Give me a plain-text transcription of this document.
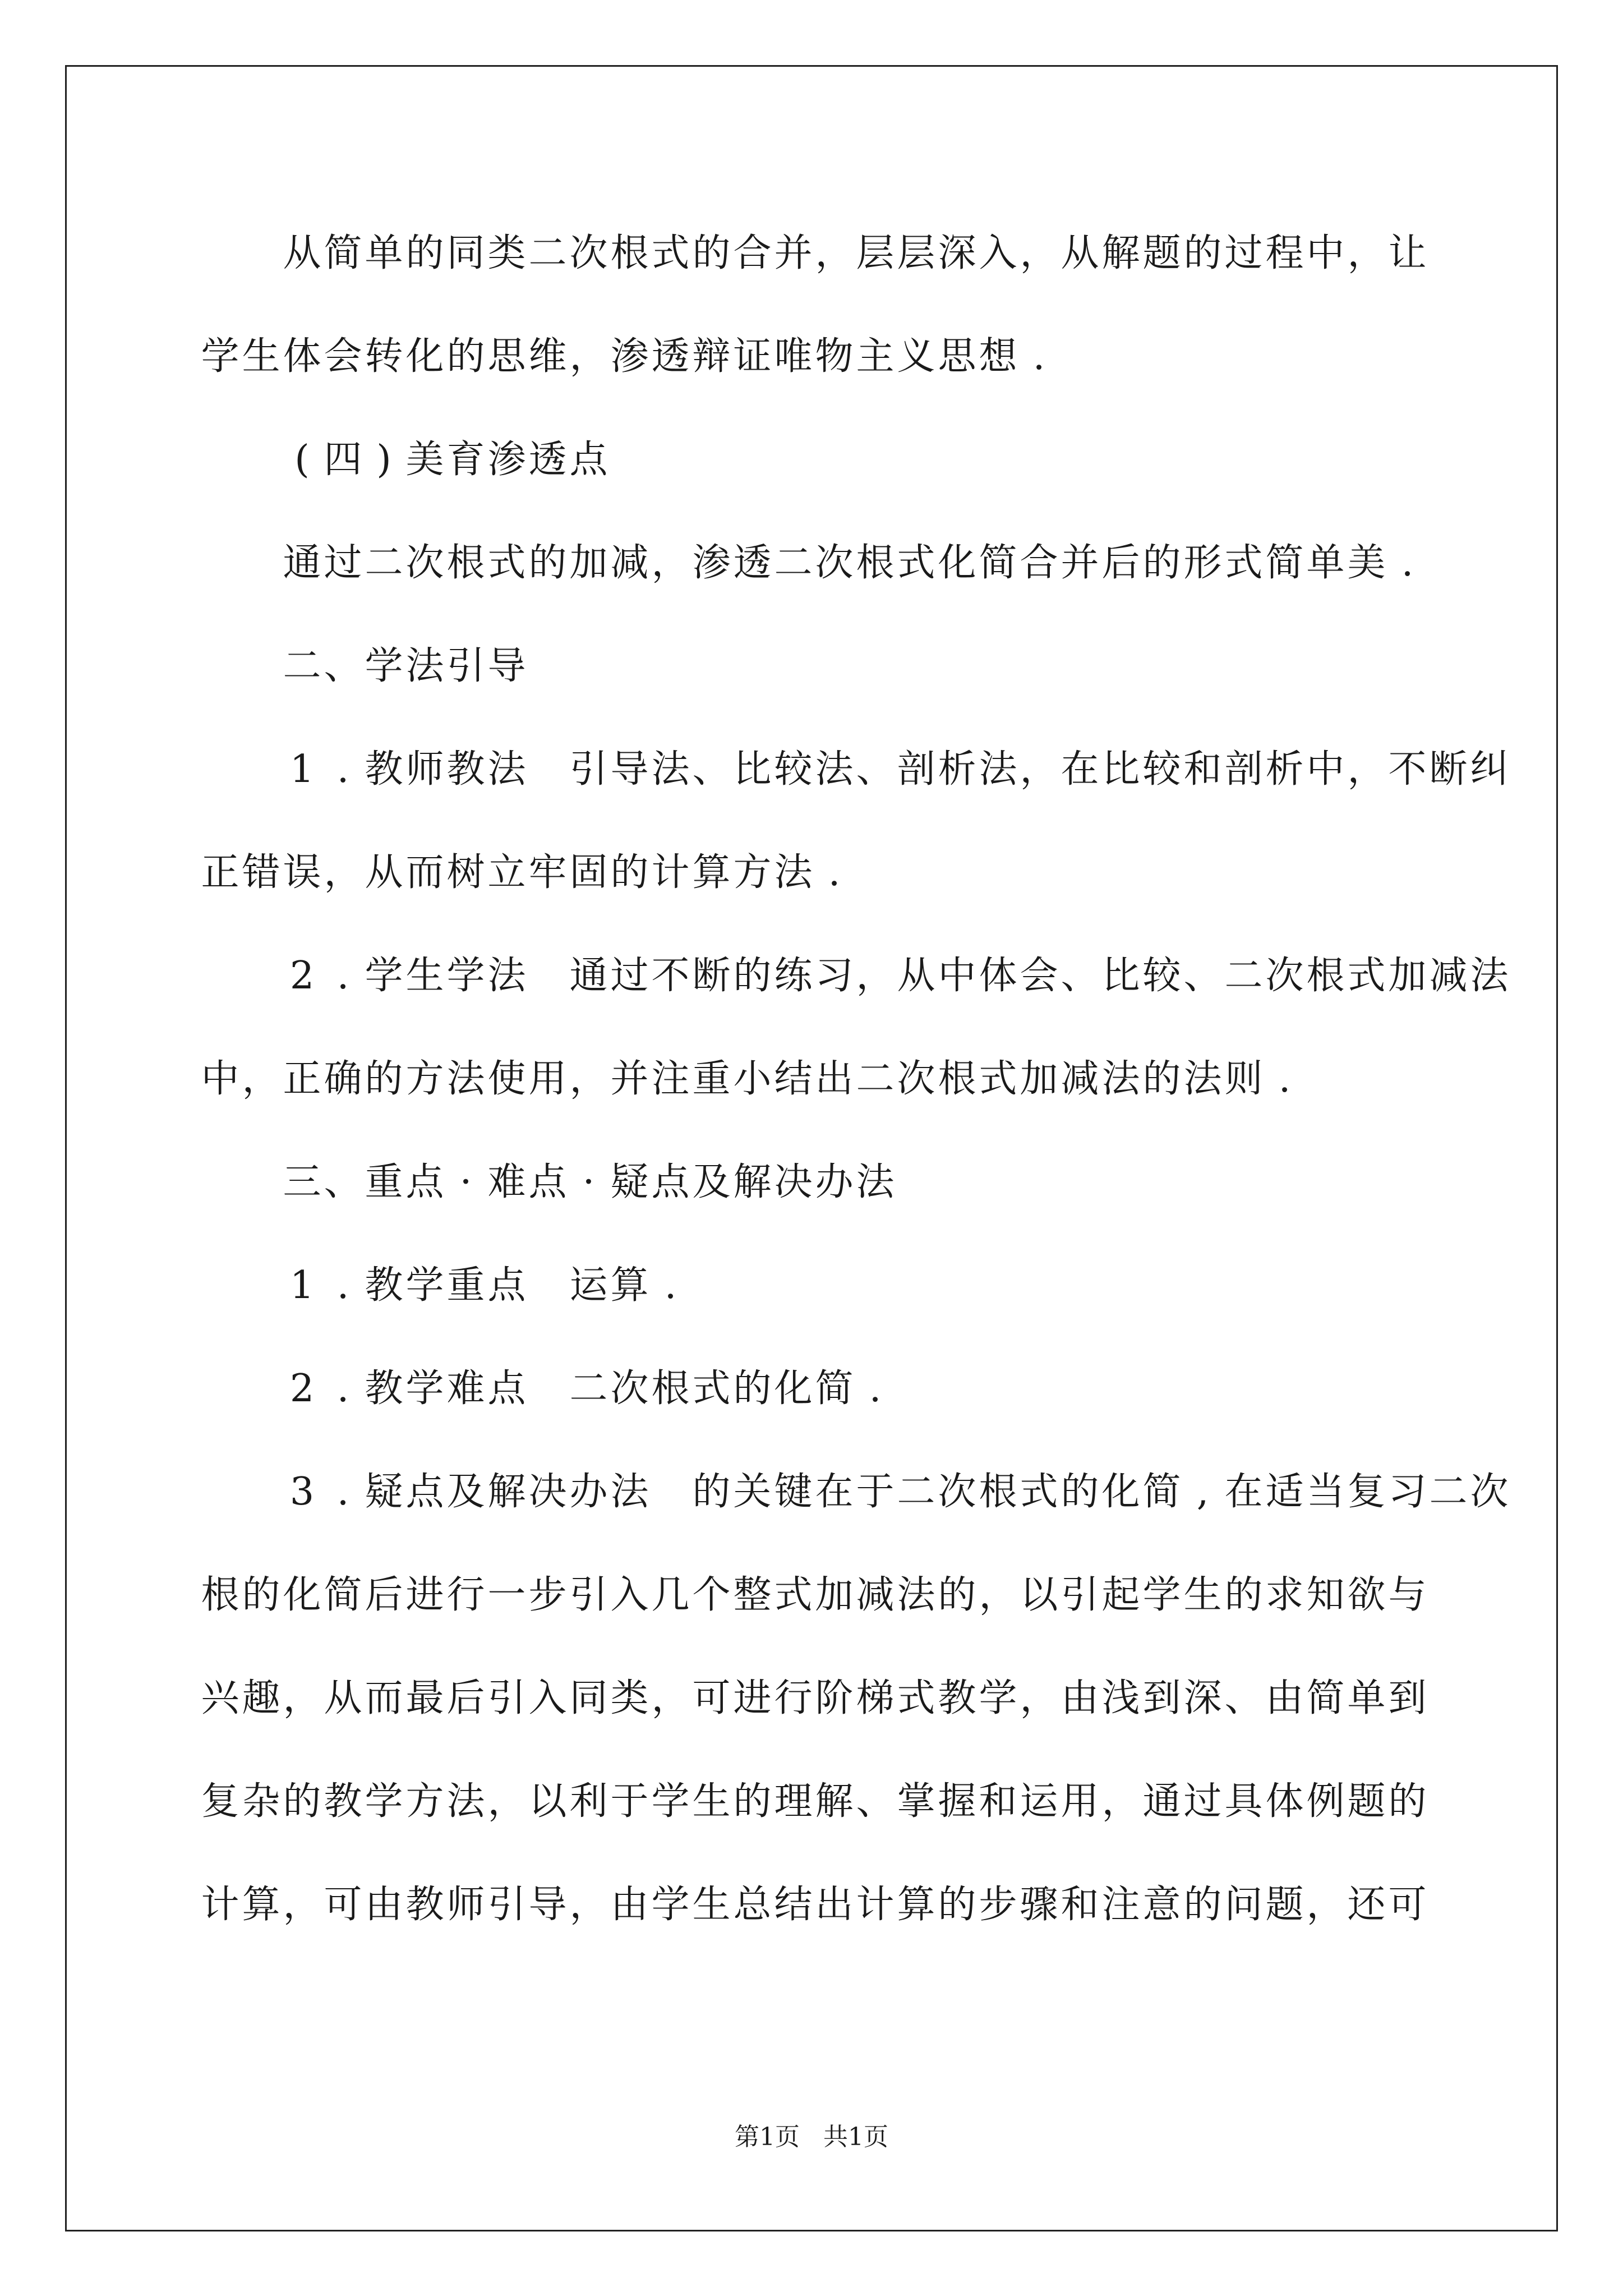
从简单的同类二次根式的合并，层层深入，从解题的过程中，让
学生体会转化的思维，渗透辩证唯物主义思想 .
( 四 ) 美育渗透点
通过二次根式的加减，渗透二次根式化简合并后的形式简单美 .
二、学法引导
1 . 教师教法 引导法、比较法、剖析法，在比较和剖析中，不断纠
正错误，从而树立牢固的计算方法 .
2 . 学生学法 通过不断的练习，从中体会、比较、二次根式加减法
中，正确的方法使用，并注重小结出二次根式加减法的法则 .
三、重点 · 难点 · 疑点及解决办法
1 . 教学重点 运算 .
2 . 教学难点 二次根式的化简 .
3 . 疑点及解决办法 的关键在于二次根式的化简 , 在适当复习二次
根的化简后进行一步引入几个整式加减法的，以引起学生的求知欲与
兴趣，从而最后引入同类，可进行阶梯式教学，由浅到深、由简单到
复杂的教学方法，以利于学生的理解、掌握和运用，通过具体例题的
计算，可由教师引导，由学生总结出计算的步骤和注意的问题，还可
第1页   共1页
